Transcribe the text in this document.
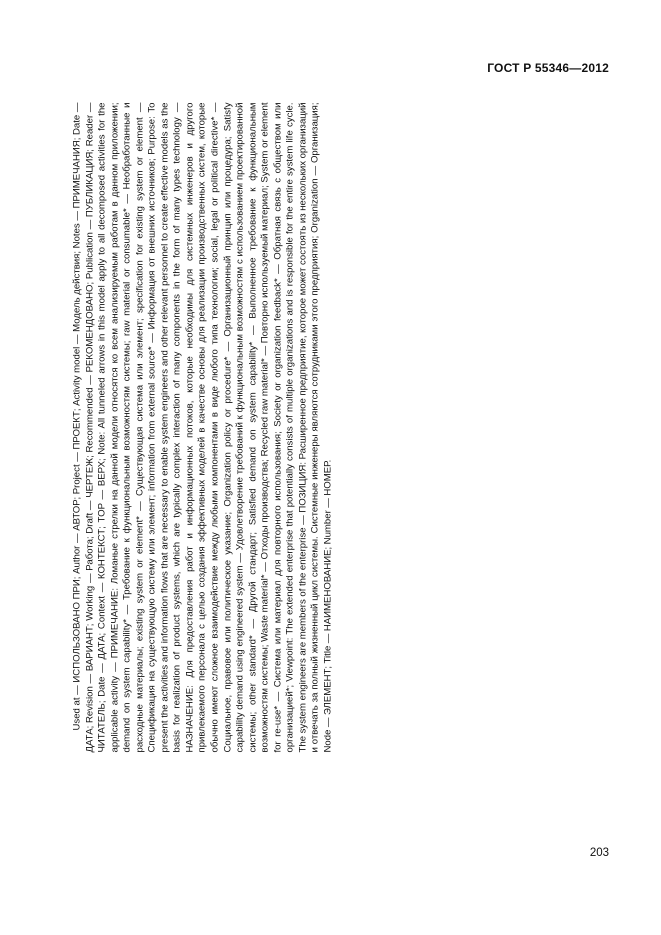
ГОСТ Р 55346—2012

Used at — ИСПОЛЬЗОВАНО ПРИ; Author — АВТОР; Project — ПРОЕКТ; Activity model — Модель действия; Notes — ПРИМЕЧАНИЯ; Date — ДАТА; Revision — ВАРИАНТ; Working — Работа; Draft — ЧЕРТЕЖ; Recommended — РЕКОМЕНДОВАНО; Publication — ПУБЛИКАЦИЯ; Reader — ЧИТАТЕЛЬ; Date — ДАТА; Context — КОНТЕКСТ; TOP — ВЕРХ; Note: All tunneled arrows in this model apply to all decomposed activities for the applicable activity — ПРИМЕЧАНИЕ: Ломаные стрелки на данной модели относятся ко всем анализируемым работам в данном приложении; demand on system capability* — Требование к функциональным возможностям системы; raw material or consumable* — Необработанные и расходные материалы; existing system or element* — Существующая система или элемент; specification for existing system or element — Спецификация на существующую систему или элемент; information from external source* — Информация от внешних источников; Purpose: To present the activities and information flows that are necessary to enable system engineers and other relevant personnel to create effective models as the basis for realization of product systems, which are typically complex interaction of many components in the form of many types technology — НАЗНАЧЕНИЕ: Для предоставления работ и информационных потоков, которые необходимы для системных инженеров и другого привлекаемого персонала с целью создания эффективных моделей в качестве основы для реализации производственных систем, которые обычно имеют сложное взаимодействие между любыми компонентами в виде любого типа технологии; social, legal or political directive* — Социальное, правовое или политическое указание; Organization policy or procedure* — Организационный принцип или процедура; Satisfy capability demand using engineered system — Удовлетворение требований к функциональным возможностям с использованием проектированной системы; other standard* — Другой стандарт; Satisfied demand on system capability* — Выполненное требование к функциональным возможностям системы; Waste material* — Отходы производства; Recycled raw material* — Повторно используемый материал; System or element for re-use* — Система или материал для повторного использования; Society or organization feedback* — Обратная связь с обществом или организацией*; Viewpoint: The extended enterprise that potentially consists of multiple organizations and is responsible for the entire system life cycle. The system engineers are members of the enterprise — ПОЗИЦИЯ: Расширенное предприятие, которое может состоять из нескольких организаций и отвечать за полный жизненный цикл системы. Системные инженеры являются сотрудниками этого предприятия; Organization — Организация; Node — ЭЛЕМЕНТ; Title — НАИМЕНОВАНИЕ; Number — НОМЕР.

203
